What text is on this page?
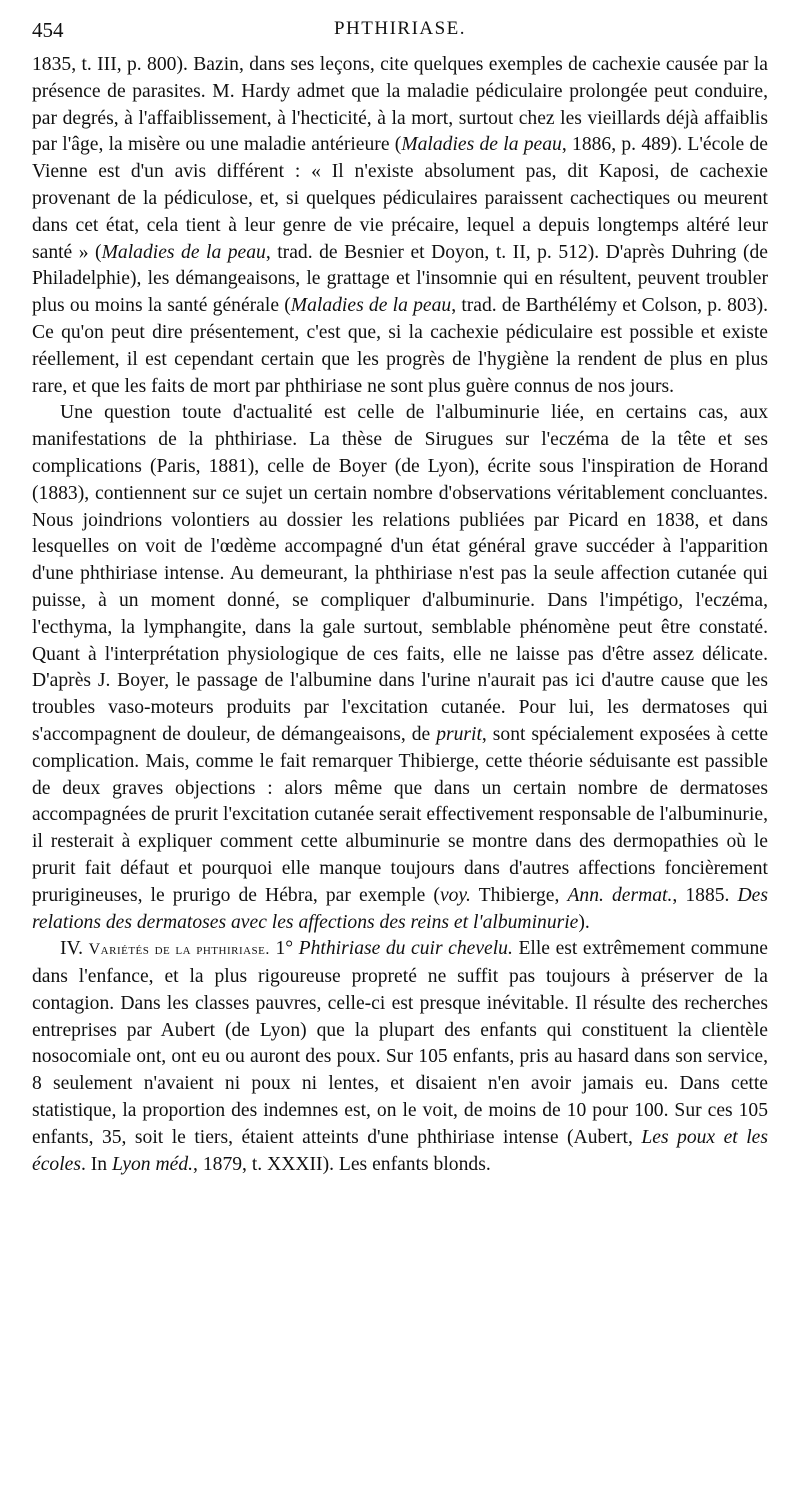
454	PHTHIRIASE.

1835, t. III, p. 800). Bazin, dans ses leçons, cite quelques exemples de cachexie causée par la présence de parasites. M. Hardy admet que la maladie pédiculaire prolongée peut conduire, par degrés, à l'affaiblissement, à l'hecticité, à la mort, surtout chez les vieillards déjà affaiblis par l'âge, la misère ou une maladie antérieure (Maladies de la peau, 1886, p. 489). L'école de Vienne est d'un avis différent : « Il n'existe absolument pas, dit Kaposi, de cachexie provenant de la pédiculose, et, si quelques pédiculaires paraissent cachectiques ou meurent dans cet état, cela tient à leur genre de vie précaire, lequel a depuis longtemps altéré leur santé » (Maladies de la peau, trad. de Besnier et Doyon, t. II, p. 512). D'après Duhring (de Philadelphie), les démangeaisons, le grattage et l'insomnie qui en résultent, peuvent troubler plus ou moins la santé générale (Maladies de la peau, trad. de Barthélémy et Colson, p. 803). Ce qu'on peut dire présentement, c'est que, si la cachexie pédiculaire est possible et existe réellement, il est cependant certain que les progrès de l'hygiène la rendent de plus en plus rare, et que les faits de mort par phthiriase ne sont plus guère connus de nos jours.

Une question toute d'actualité est celle de l'albuminurie liée, en certains cas, aux manifestations de la phthiriase. La thèse de Sirugues sur l'eczéma de la tête et ses complications (Paris, 1881), celle de Boyer (de Lyon), écrite sous l'inspiration de Horand (1883), contiennent sur ce sujet un certain nombre d'observations véritablement concluantes. Nous joindrions volontiers au dossier les relations publiées par Picard en 1838, et dans lesquelles on voit de l'œdème accompagné d'un état général grave succéder à l'apparition d'une phthiriase intense. Au demeurant, la phthiriase n'est pas la seule affection cutanée qui puisse, à un moment donné, se compliquer d'albuminurie. Dans l'impétigo, l'eczéma, l'ecthyma, la lymphangite, dans la gale surtout, semblable phénomène peut être constaté. Quant à l'interprétation physiologique de ces faits, elle ne laisse pas d'être assez délicate. D'après J. Boyer, le passage de l'albumine dans l'urine n'aurait pas ici d'autre cause que les troubles vaso-moteurs produits par l'excitation cutanée. Pour lui, les dermatoses qui s'accompagnent de douleur, de démangeaisons, de prurit, sont spécialement exposées à cette complication. Mais, comme le fait remarquer Thibierge, cette théorie séduisante est passible de deux graves objections : alors même que dans un certain nombre de dermatoses accompagnées de prurit l'excitation cutanée serait effectivement responsable de l'albuminurie, il resterait à expliquer comment cette albuminurie se montre dans des dermopathies où le prurit fait défaut et pourquoi elle manque toujours dans d'autres affections foncièrement prurigineuses, le prurigo de Hébra, par exemple (voy. Thibierge, Ann. dermat., 1885. Des relations des dermatoses avec les affections des reins et l'albuminurie).

IV. Variétés de la phthiriase. 1° Phthiriase du cuir chevelu. Elle est extrêmement commune dans l'enfance, et la plus rigoureuse propreté ne suffit pas toujours à préserver de la contagion. Dans les classes pauvres, celle-ci est presque inévitable. Il résulte des recherches entreprises par Aubert (de Lyon) que la plupart des enfants qui constituent la clientèle nosocomiale ont, ont eu ou auront des poux. Sur 105 enfants, pris au hasard dans son service, 8 seulement n'avaient ni poux ni lentes, et disaient n'en avoir jamais eu. Dans cette statistique, la proportion des indemnes est, on le voit, de moins de 10 pour 100. Sur ces 105 enfants, 35, soit le tiers, étaient atteints d'une phthiriase intense (Aubert, Les poux et les écoles. In Lyon méd., 1879, t. XXXII). Les enfants blonds.
